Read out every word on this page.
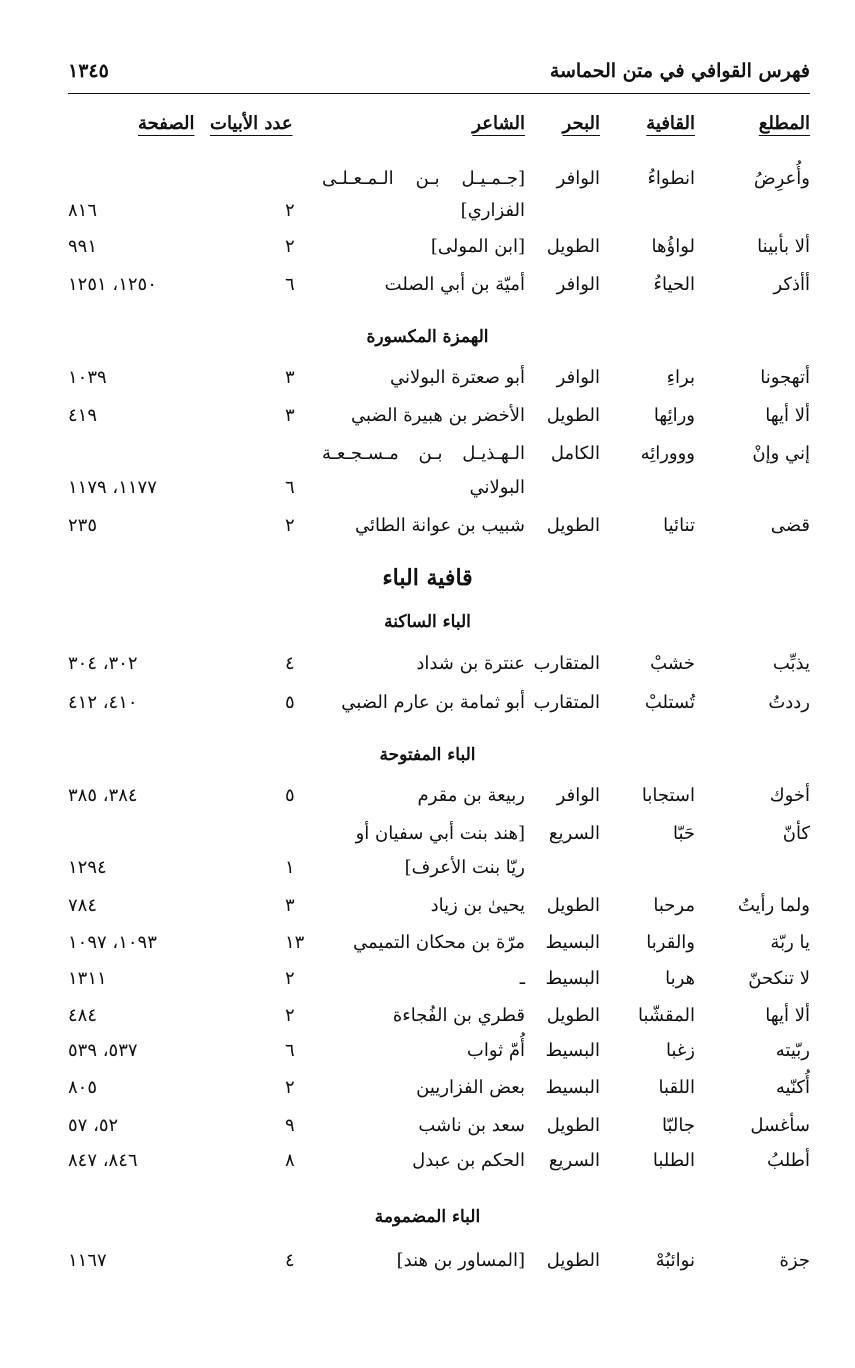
فهرس القوافي في متن الحماسة
١٣٤٥
المطلع
القافية
البحر
الشاعر
عدد الأبيات
الصفحة
وأُعرِضُ
انطواءُ
الوافر
[جـمـيـل بـن الـمـعـلـى
الفزاري]
٢
٨١٦
ألا بأبينا
لواؤُها
الطويل
[ابن المولى]
٢
٩٩١
أأذكر
الحياءُ
الوافر
أميّة بن أبي الصلت
٦
١٢٥٠، ١٢٥١
الهمزة المكسورة
أتهجونا
براءِ
الوافر
أبو صعترة البولاني
٣
١٠٣٩
ألا أيها
ورائِها
الطويل
الأخضر بن هبيرة الضبي
٣
٤١٩
إني وإنْ
ووورائِه
الكامل
الـهـذيـل بـن مـسـجـعـة
البولاني
٦
١١٧٧، ١١٧٩
قضى
تنائيا
الطويل
شبيب بن عوانة الطائي
٢
٢٣٥
قافية الباء
الباء الساكنة
يذبِّب
خشبْ
المتقارب
عنترة بن شداد
٤
٣٠٢، ٣٠٤
رددتُ
تُستلبْ
المتقارب
أبو ثمامة بن عارم الضبي
٥
٤١٠، ٤١٢
الباء المفتوحة
أخوك
استجابا
الوافر
ربيعة بن مقرم
٥
٣٨٤، ٣٨٥
كأنّ
حَبّا
السريع
[هند بنت أبي سفيان أو
ريّا بنت الأعرف]
١
١٢٩٤
ولما رأيتُ
مرحبا
الطويل
يحيىٰ بن زياد
٣
٧٨٤
يا ربّة
والقربا
البسيط
مرّة بن محكان التميمي
١٣
١٠٩٣، ١٠٩٧
لا تنكحنّ
هربا
البسيط
ـ
٢
١٣١١
ألا أيها
المقشّبا
الطويل
قطري بن الفُجاءة
٢
٤٨٤
ربّيته
زغبا
البسيط
أُمّ ثواب
٦
٥٣٧، ٥٣٩
أُكنّيه
اللقبا
البسيط
بعض الفزاريين
٢
٨٠٥
سأغسل
جالبّا
الطويل
سعد بن ناشب
٩
٥٢، ٥٧
أطلبُ
الطلبا
السريع
الحكم بن عبدل
٨
٨٤٦، ٨٤٧
الباء المضمومة
جزة
نوائبُهْ
الطويل
[المساور بن هند]
٤
١١٦٧
